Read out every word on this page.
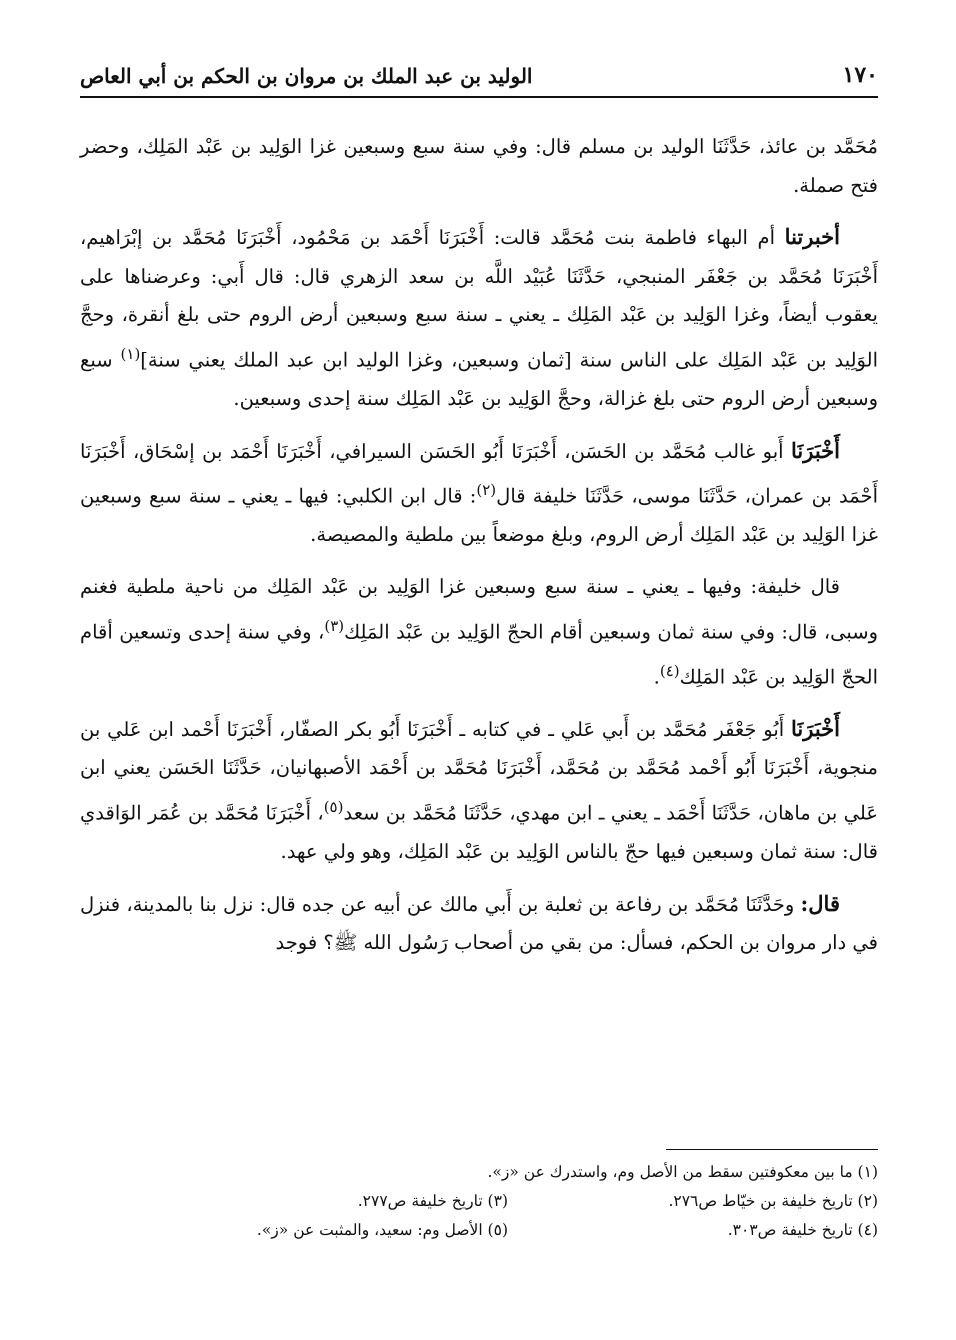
١٧٠
الوليد بن عبد الملك بن مروان بن الحكم بن أبي العاص

مُحَمَّد بن عائذ، حَدَّثَنَا الوليد بن مسلم قال: وفي سنة سبع وسبعين غزا الوَلِيد بن عَبْد المَلِك، وحضر فتح صملة.

أخبرتنا أم البهاء فاطمة بنت مُحَمَّد قالت: أَخْبَرَنَا أَحْمَد بن مَحْمُود، أَخْبَرَنَا مُحَمَّد بن إبْرَاهيم، أَخْبَرَنَا مُحَمَّد بن جَعْفَر المنبجي، حَدَّثَنَا عُبَيْد اللَّه بن سعد الزهري قال: قال أَبي: وعرضناها على يعقوب أيضاً، وغزا الوَلِيد بن عَبْد المَلِك ـ يعني ـ سنة سبع وسبعين أرض الروم حتى بلغ أنقرة، وحجَّ الوَلِيد بن عَبْد المَلِك على الناس سنة [ثمان وسبعين، وغزا الوليد ابن عبد الملك يعني سنة]$^{(١)}$ سبع وسبعين أرض الروم حتى بلغ غزالة، وحجَّ الوَلِيد بن عَبْد المَلِك سنة إحدى وسبعين.

أَخْبَرَنَا أَبو غالب مُحَمَّد بن الحَسَن، أَخْبَرَنَا أَبُو الحَسَن السيرافي، أَخْبَرَنَا أَحْمَد بن إسْحَاق، أَخْبَرَنَا أَحْمَد بن عمران، حَدَّثَنَا موسى، حَدَّثَنَا خليفة قال$^{(٢)}$: قال ابن الكلبي: فيها ـ يعني ـ سنة سبع وسبعين غزا الوَلِيد بن عَبْد المَلِك أرض الروم، وبلغ موضعاً بين ملطية والمصيصة.

قال خليفة: وفيها ـ يعني ـ سنة سبع وسبعين غزا الوَلِيد بن عَبْد المَلِك من ناحية ملطية فغنم وسبى، قال: وفي سنة ثمان وسبعين أقام الحجّ الوَلِيد بن عَبْد المَلِك$^{(٣)}$، وفي سنة إحدى وتسعين أقام الحجّ الوَلِيد بن عَبْد المَلِك$^{(٤)}$.

أَخْبَرَنَا أَبُو جَعْفَر مُحَمَّد بن أَبي عَلي ـ في كتابه ـ أَخْبَرَنَا أَبُو بكر الصفّار، أَخْبَرَنَا أَحْمد ابن عَلي بن منجوية، أَخْبَرَنَا أَبُو أَحْمد مُحَمَّد بن مُحَمَّد، أَخْبَرَنَا مُحَمَّد بن أَحْمَد الأصبهانيان، حَدَّثَنَا الحَسَن يعني ابن عَلي بن ماهان، حَدَّثَنَا أَحْمَد ـ يعني ـ ابن مهدي، حَدَّثَنَا مُحَمَّد بن سعد$^{(٥)}$، أَخْبَرَنَا مُحَمَّد بن عُمَر الوَاقدي قال: سنة ثمان وسبعين فيها حجّ بالناس الوَلِيد بن عَبْد المَلِك، وهو ولي عهد.

قال: وحَدَّثَنَا مُحَمَّد بن رفاعة بن ثعلبة بن أَبي مالك عن أبيه عن جده قال: نزل بنا بالمدينة، فنزل في دار مروان بن الحكم، فسأل: من بقي من أصحاب رَسُول الله ﷺ؟ فوجد

(١) ما بين معكوفتين سقط من الأصل وم، واستدرك عن «ز».
(٢) تاريخ خليفة بن خيّاط ص٢٧٦.
(٣) تاريخ خليفة ص٢٧٧.
(٤) تاريخ خليفة ص٣٠٣.
(٥) الأصل وم: سعيد، والمثبت عن «ز».
